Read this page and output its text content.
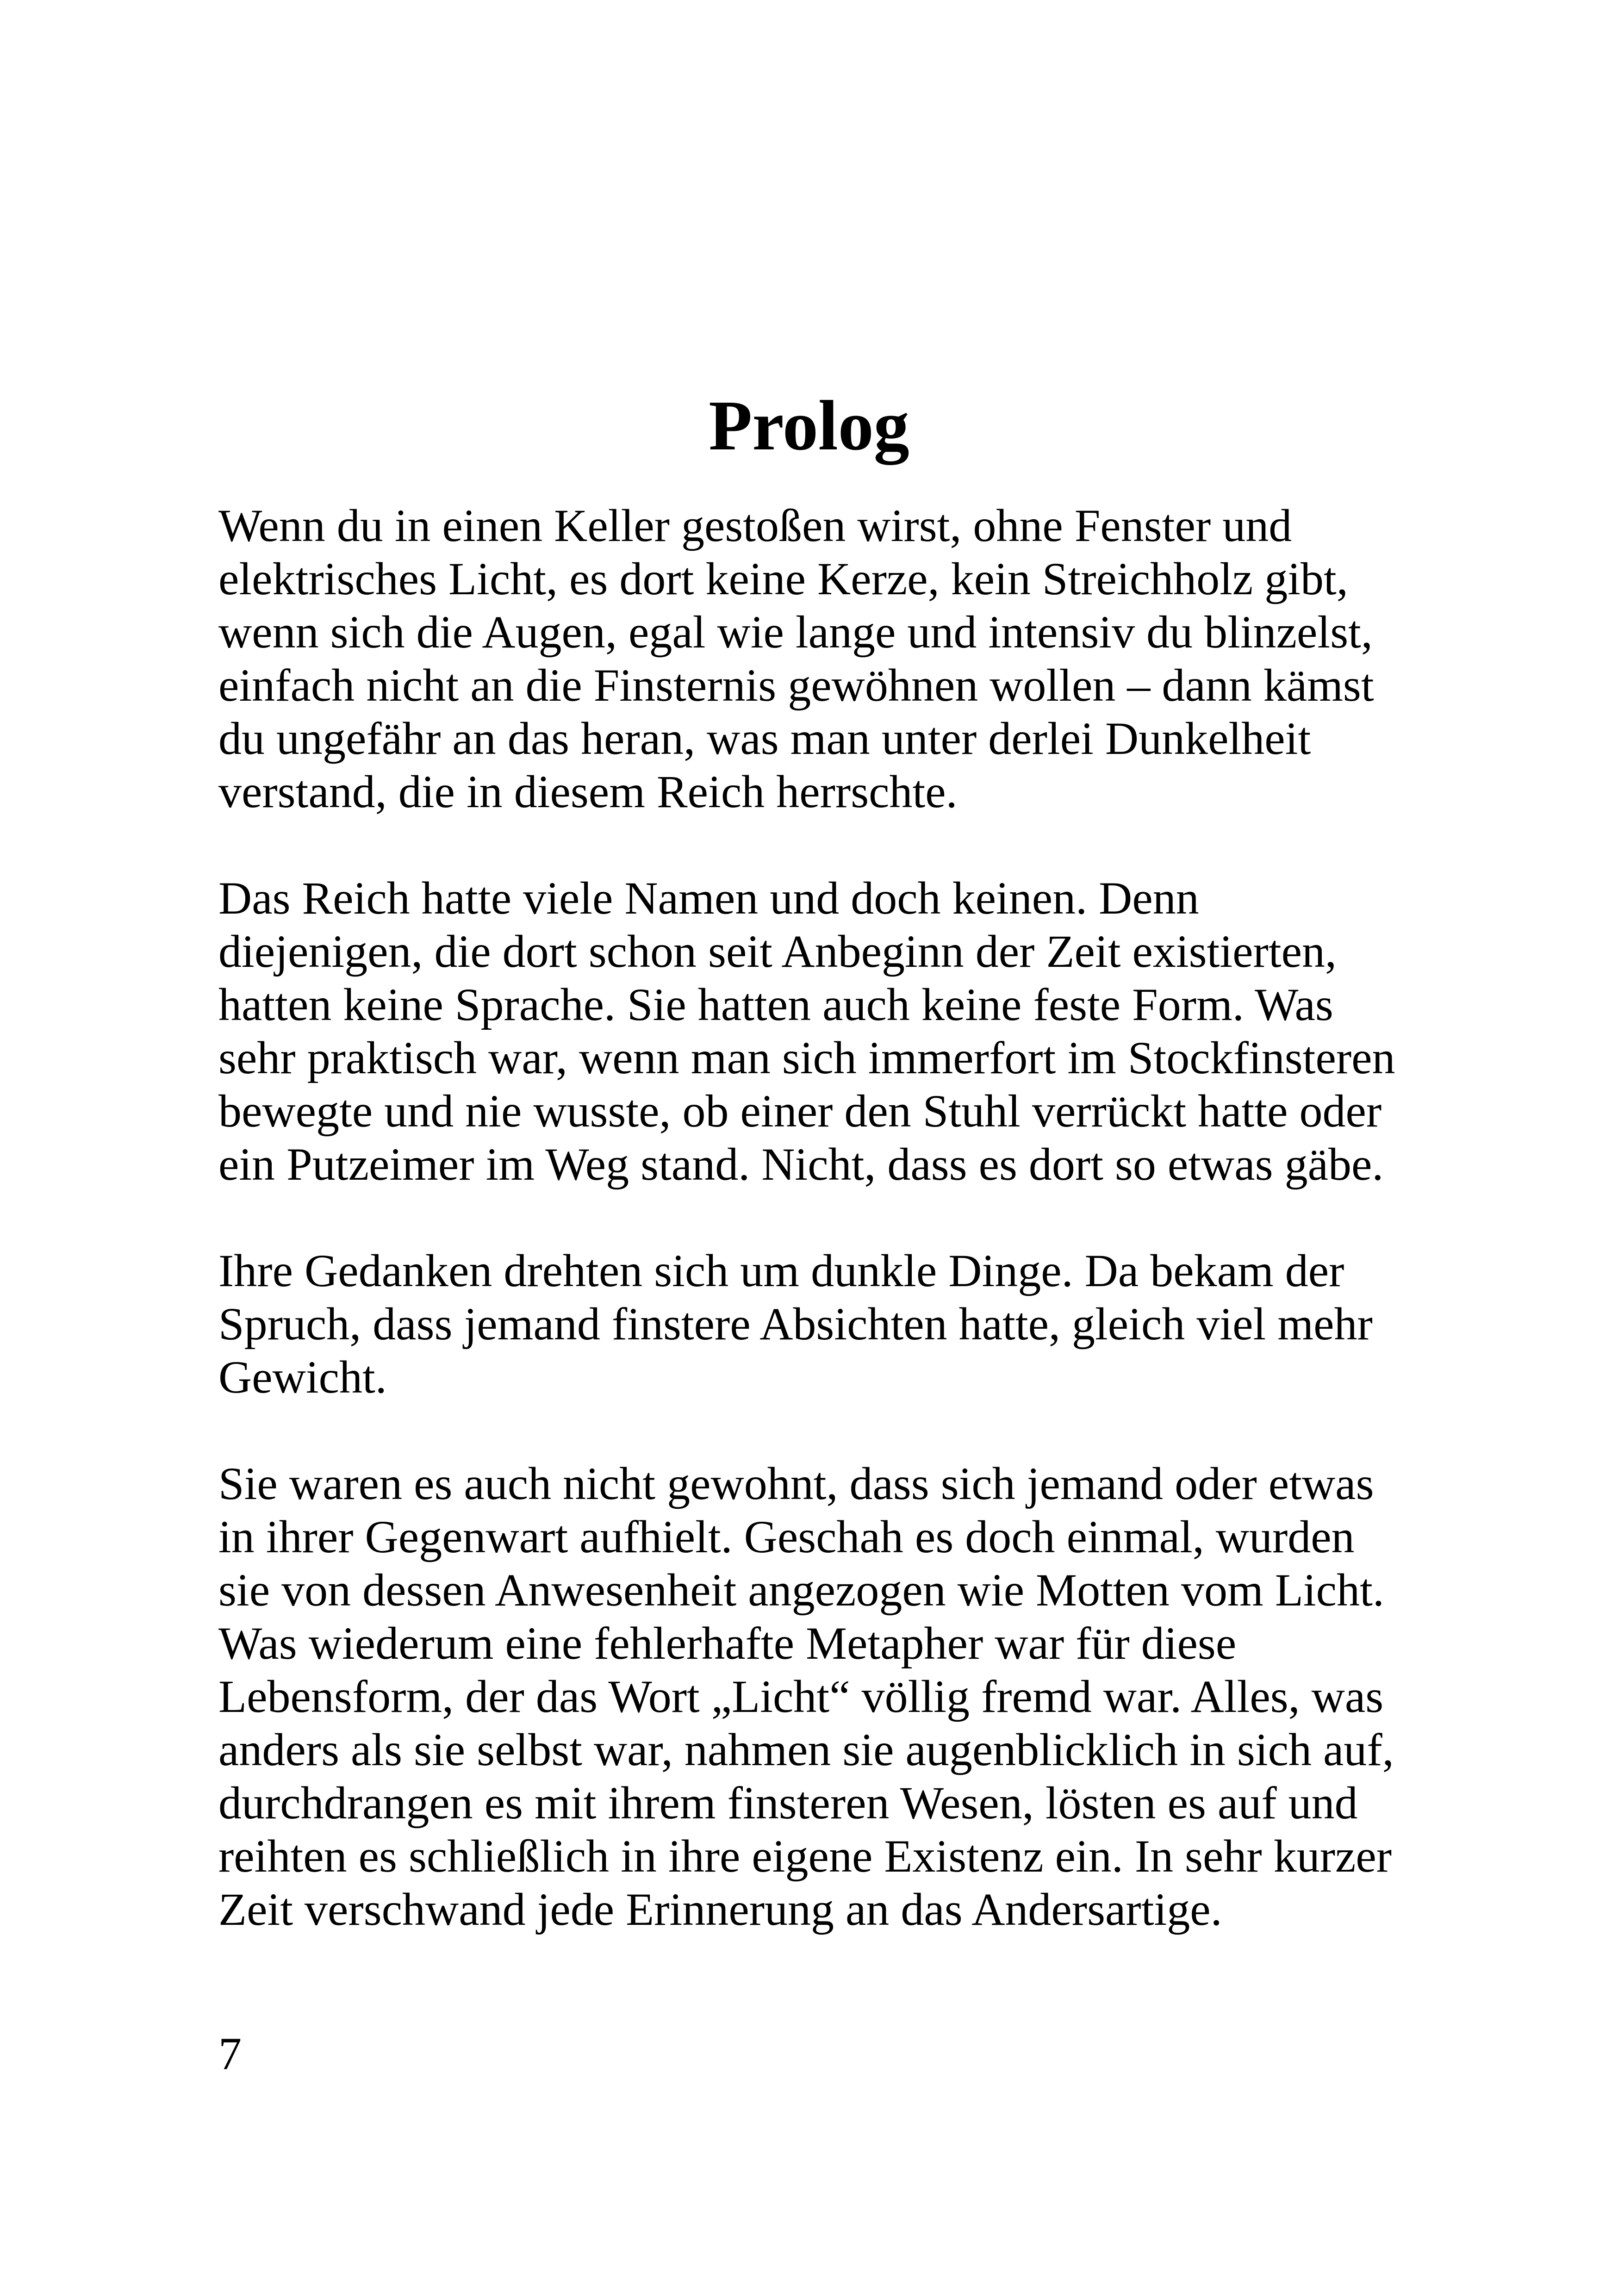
Prolog

Wenn du in einen Keller gestoßen wirst, ohne Fenster und
elektrisches Licht, es dort keine Kerze, kein Streichholz gibt,
wenn sich die Augen, egal wie lange und intensiv du blinzelst,
einfach nicht an die Finsternis gewöhnen wollen – dann kämst
du ungefähr an das heran, was man unter derlei Dunkelheit
verstand, die in diesem Reich herrschte.

Das Reich hatte viele Namen und doch keinen. Denn
diejenigen, die dort schon seit Anbeginn der Zeit existierten,
hatten keine Sprache. Sie hatten auch keine feste Form. Was
sehr praktisch war, wenn man sich immerfort im Stockfinsteren
bewegte und nie wusste, ob einer den Stuhl verrückt hatte oder
ein Putzeimer im Weg stand. Nicht, dass es dort so etwas gäbe.

Ihre Gedanken drehten sich um dunkle Dinge. Da bekam der
Spruch, dass jemand finstere Absichten hatte, gleich viel mehr
Gewicht.

Sie waren es auch nicht gewohnt, dass sich jemand oder etwas
in ihrer Gegenwart aufhielt. Geschah es doch einmal, wurden
sie von dessen Anwesenheit angezogen wie Motten vom Licht.
Was wiederum eine fehlerhafte Metapher war für diese
Lebensform, der das Wort „Licht“ völlig fremd war. Alles, was
anders als sie selbst war, nahmen sie augenblicklich in sich auf,
durchdrangen es mit ihrem finsteren Wesen, lösten es auf und
reihten es schließlich in ihre eigene Existenz ein. In sehr kurzer
Zeit verschwand jede Erinnerung an das Andersartige.

7
